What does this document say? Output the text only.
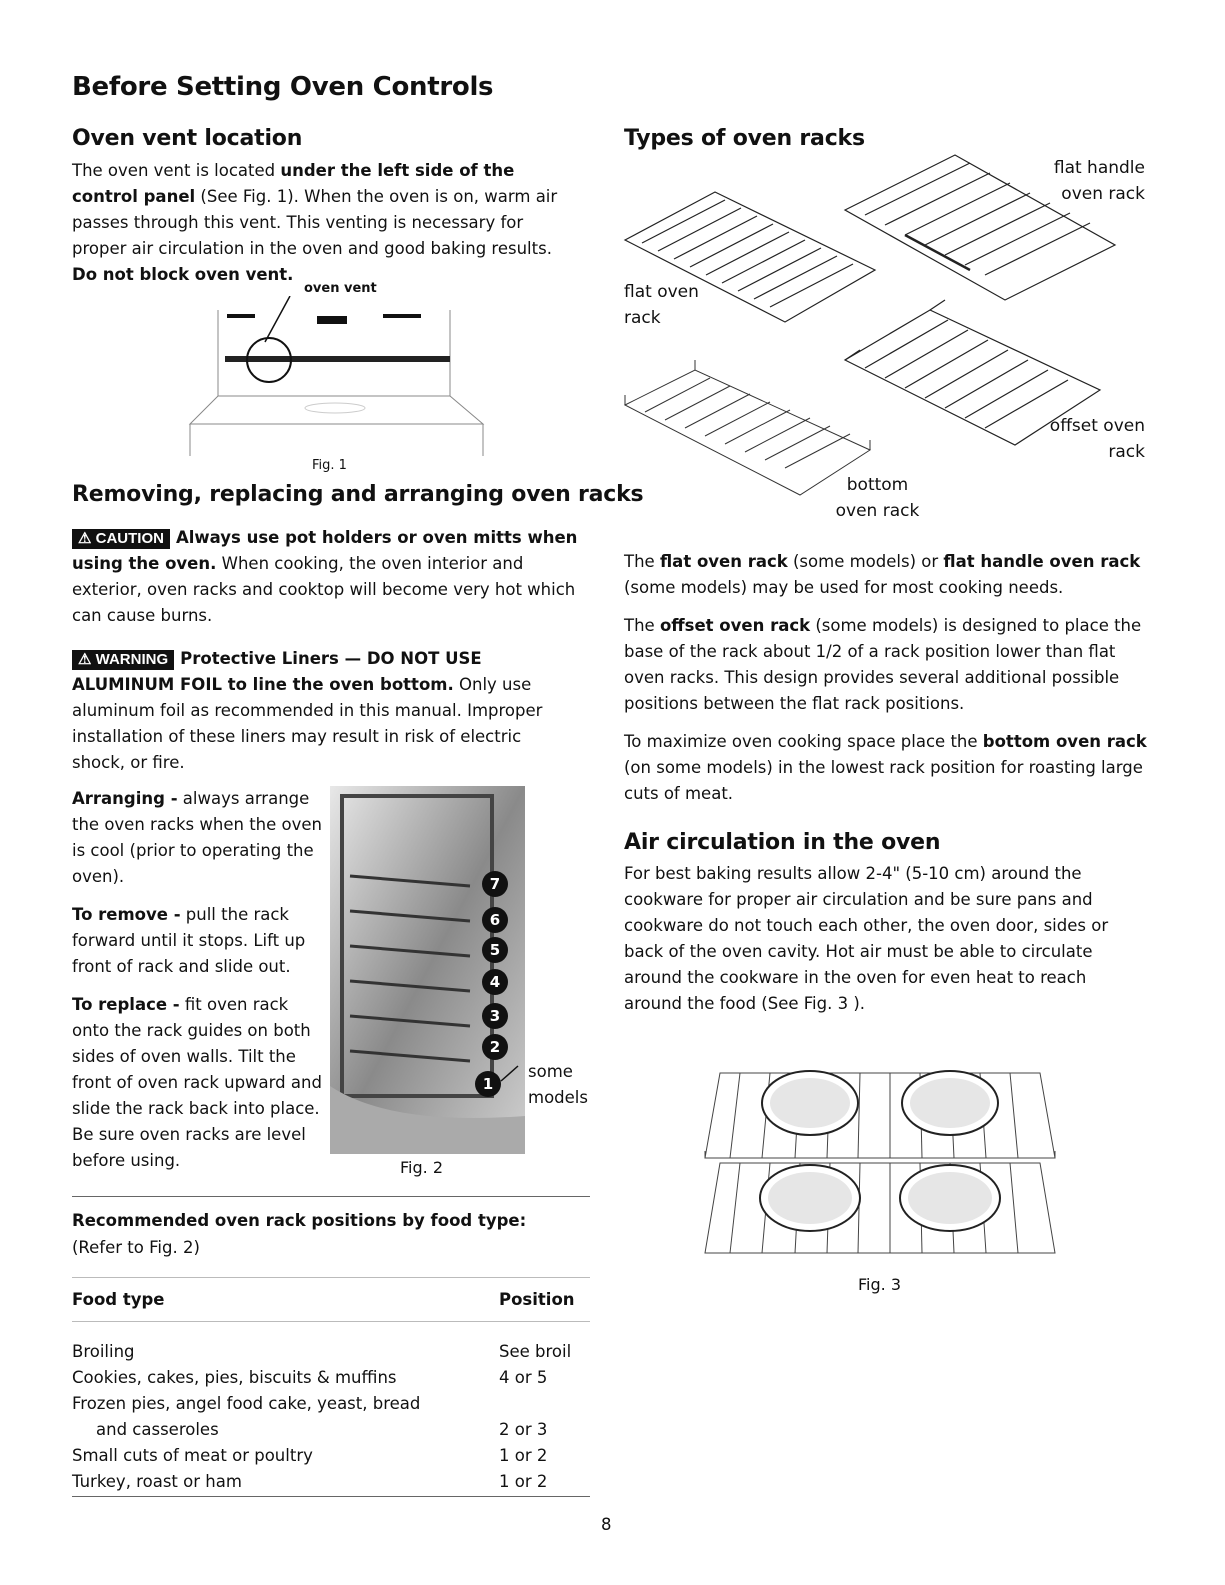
Before Setting Oven Controls
Oven vent location
The oven vent is located under the left side of the control panel (See Fig. 1). When the oven is on, warm air passes through this vent. This venting is necessary for proper air circulation in the oven and good baking results. Do not block oven vent.
oven vent
Fig. 1
Removing, replacing and arranging oven racks
⚠ CAUTION Always use pot holders or oven mitts when using the oven. When cooking, the oven interior and exterior, oven racks and cooktop will become very hot which can cause burns.
⚠ WARNING Protective Liners — DO NOT USE ALUMINUM FOIL to line the oven bottom. Only use aluminum foil as recommended in this manual. Improper installation of these liners may result in risk of electric shock, or fire.
Arranging - always arrange the oven racks when the oven is cool (prior to operating the oven).
To remove - pull the rack forward until it stops. Lift up front of rack and slide out.
To replace - fit oven rack onto the rack guides on both sides of oven walls. Tilt the front of oven rack upward and slide the rack back into place. Be sure oven racks are level before using.
7
6
5
4
3
2
1
some models
Fig. 2
Recommended oven rack positions by food type:
(Refer to Fig. 2)
Food type	Position
Broiling	See broil
Cookies, cakes, pies, biscuits & muffins	4 or 5
Frozen pies, angel food cake, yeast, bread
and casseroles	2 or 3
Small cuts of meat or poultry	1 or 2
Turkey, roast or ham	1 or 2
Types of oven racks
flat handle oven rack
flat oven rack
offset oven rack
bottom oven rack
The flat oven rack (some models) or flat handle oven rack (some models) may be used for most cooking needs.
The offset oven rack (some models) is designed to place the base of the rack about 1/2 of a rack position lower than flat oven racks. This design provides several additional possible positions between the flat rack positions.
To maximize oven cooking space place the bottom oven rack (on some models) in the lowest rack position for roasting large cuts of meat.
Air circulation in the oven
For best baking results allow 2-4" (5-10 cm) around the cookware for proper air circulation and be sure pans and cookware do not touch each other, the oven door, sides or back of the oven cavity. Hot air must be able to circulate around the cookware in the oven for even heat to reach around the food (See Fig. 3 ).
Fig. 3
8
